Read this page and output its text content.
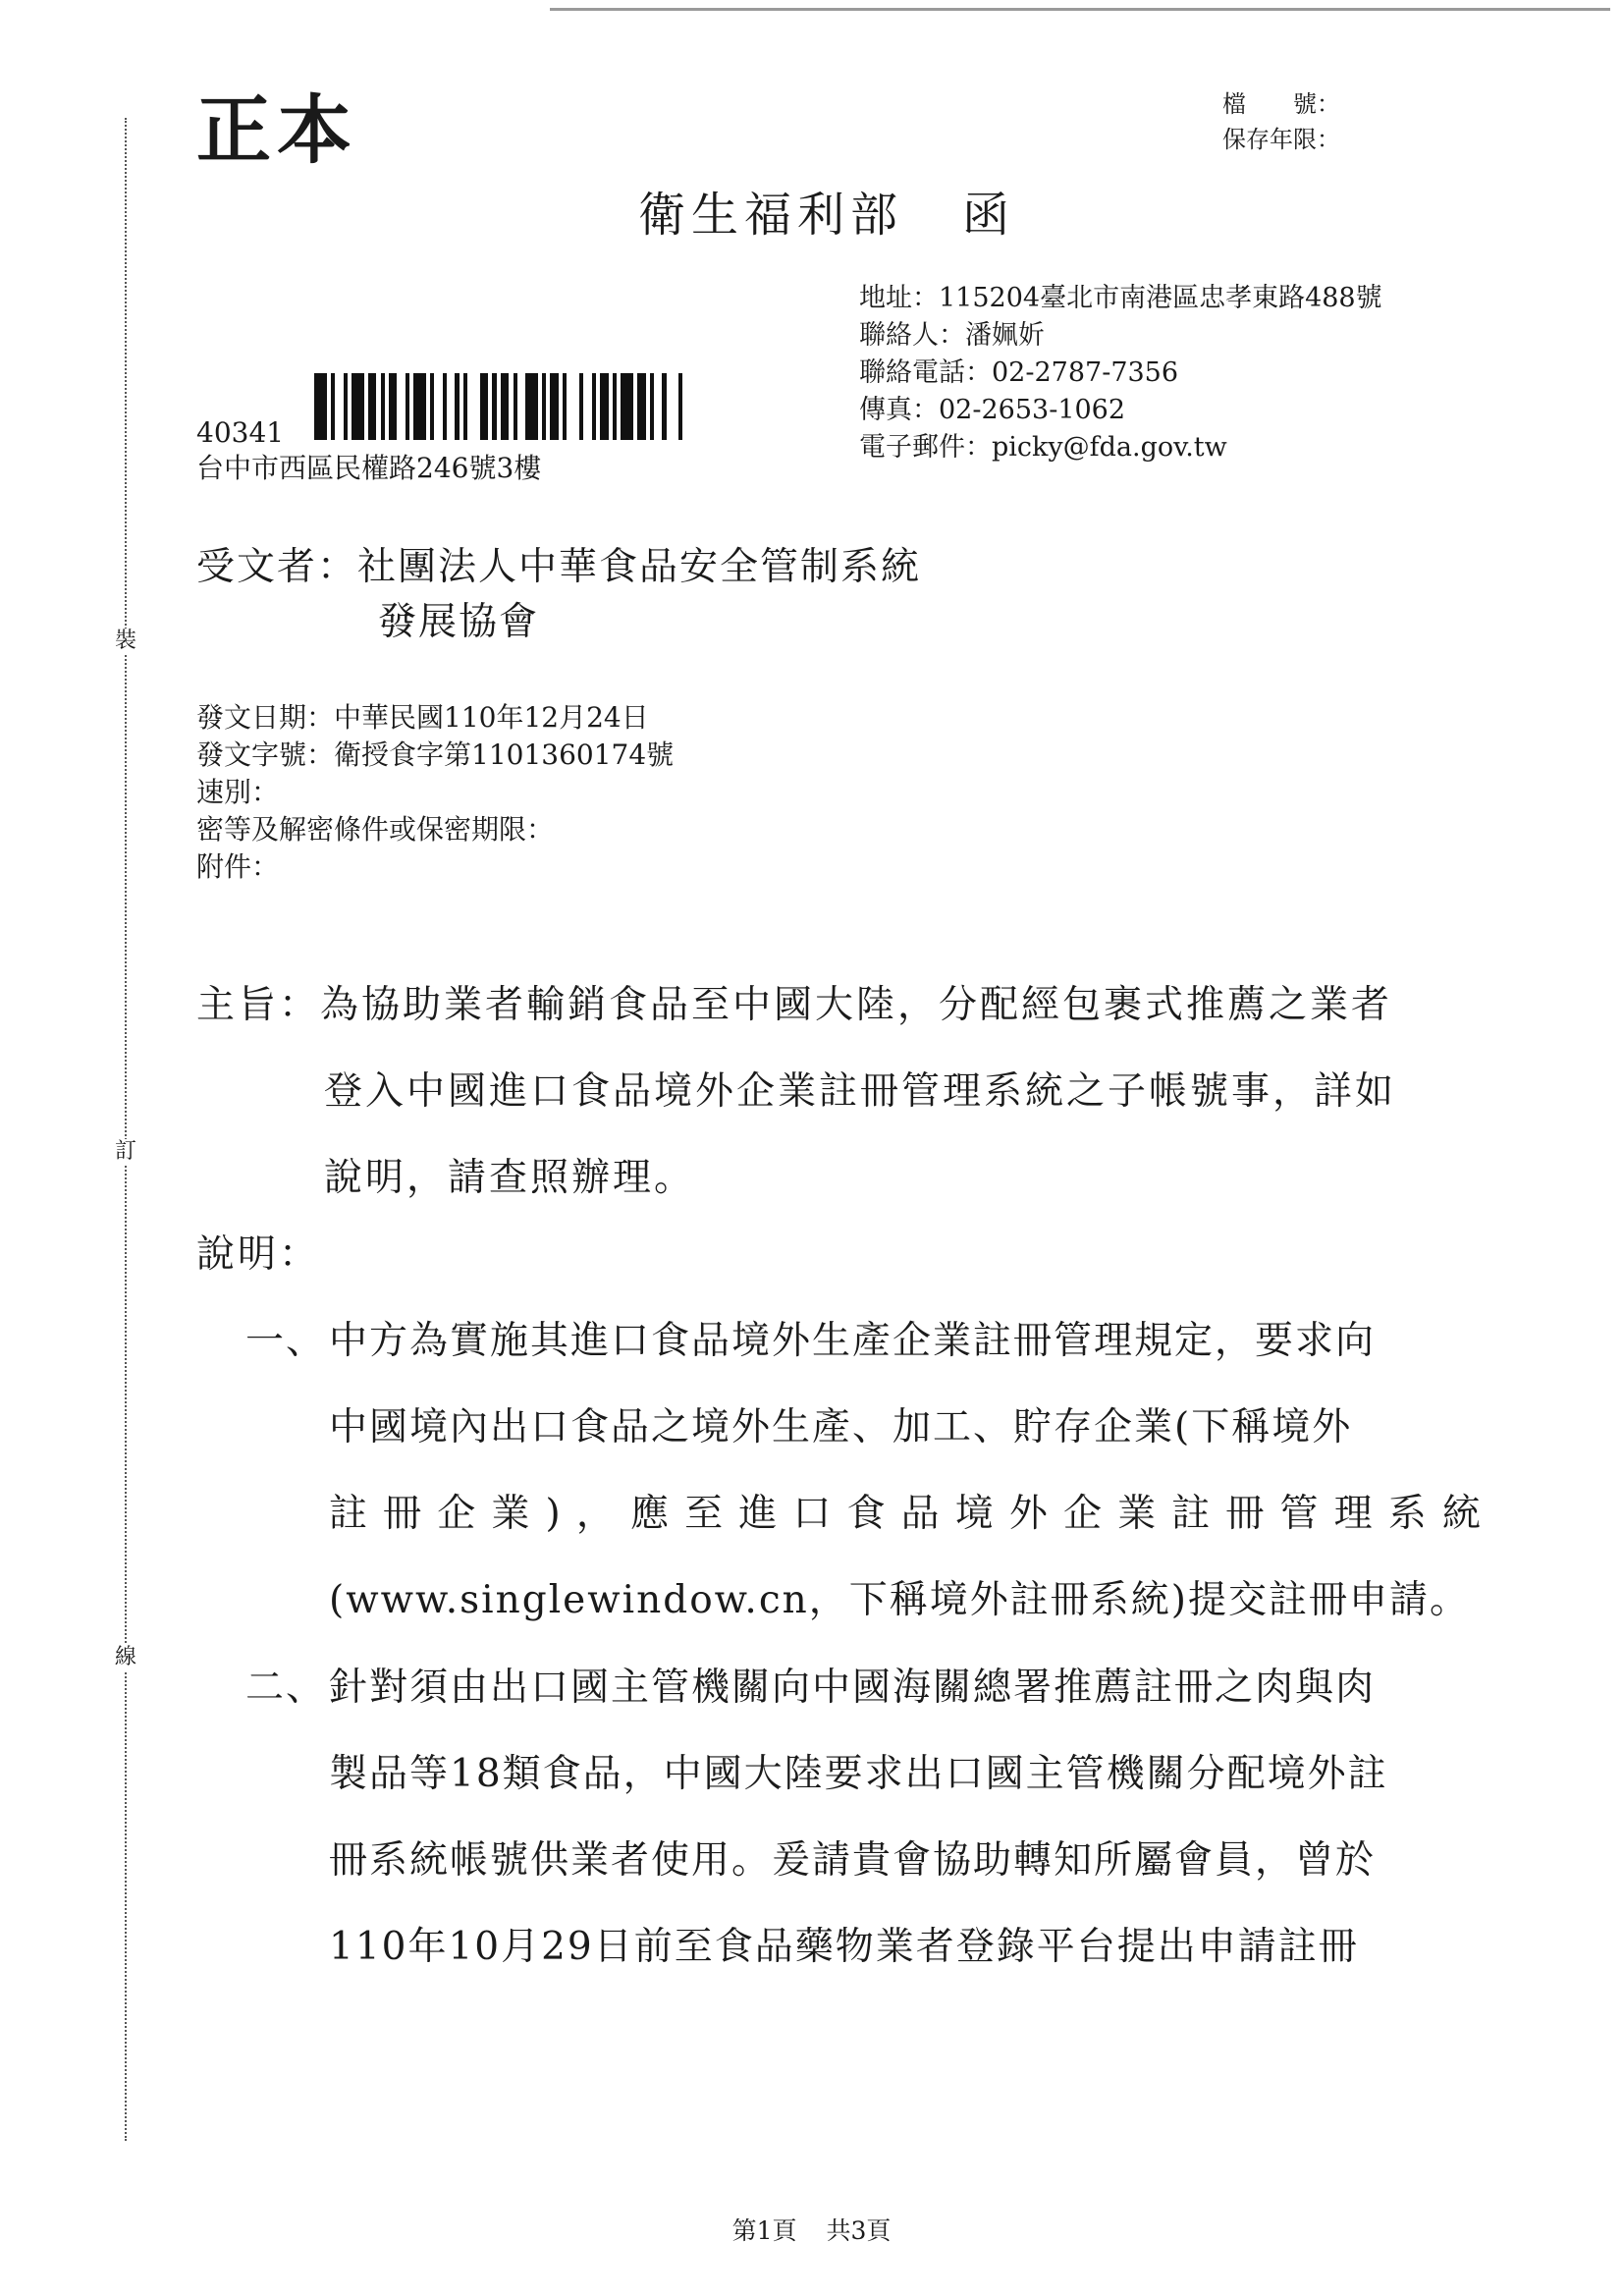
裝
訂
線
正本	檔　　號：
保存年限：
衛生福利部 函
地址：115204臺北市南港區忠孝東路488號
聯絡人：潘姵妡
聯絡電話：02-2787-7356
傳真：02-2653-1062
電子郵件：picky@fda.gov.tw
40341
台中市西區民權路246號3樓
受文者：社團法人中華食品安全管制系統
發展協會
發文日期：中華民國110年12月24日
發文字號：衛授食字第1101360174號
速別：
密等及解密條件或保密期限：
附件：
主旨：為協助業者輸銷食品至中國大陸，分配經包裹式推薦之業者
登入中國進口食品境外企業註冊管理系統之子帳號事，詳如
說明，請查照辦理。
說明：
一、中方為實施其進口食品境外生產企業註冊管理規定，要求向
中國境內出口食品之境外生產、加工、貯存企業(下稱境外
註 冊 企 業 ) ， 應 至 進 口 食 品 境 外 企 業 註 冊 管 理 系 統
(www.singlewindow.cn，下稱境外註冊系統)提交註冊申請。
二、針對須由出口國主管機關向中國海關總署推薦註冊之肉與肉
製品等18類食品，中國大陸要求出口國主管機關分配境外註
冊系統帳號供業者使用。爰請貴會協助轉知所屬會員，曾於
110年10月29日前至食品藥物業者登錄平台提出申請註冊
第1頁 共3頁
